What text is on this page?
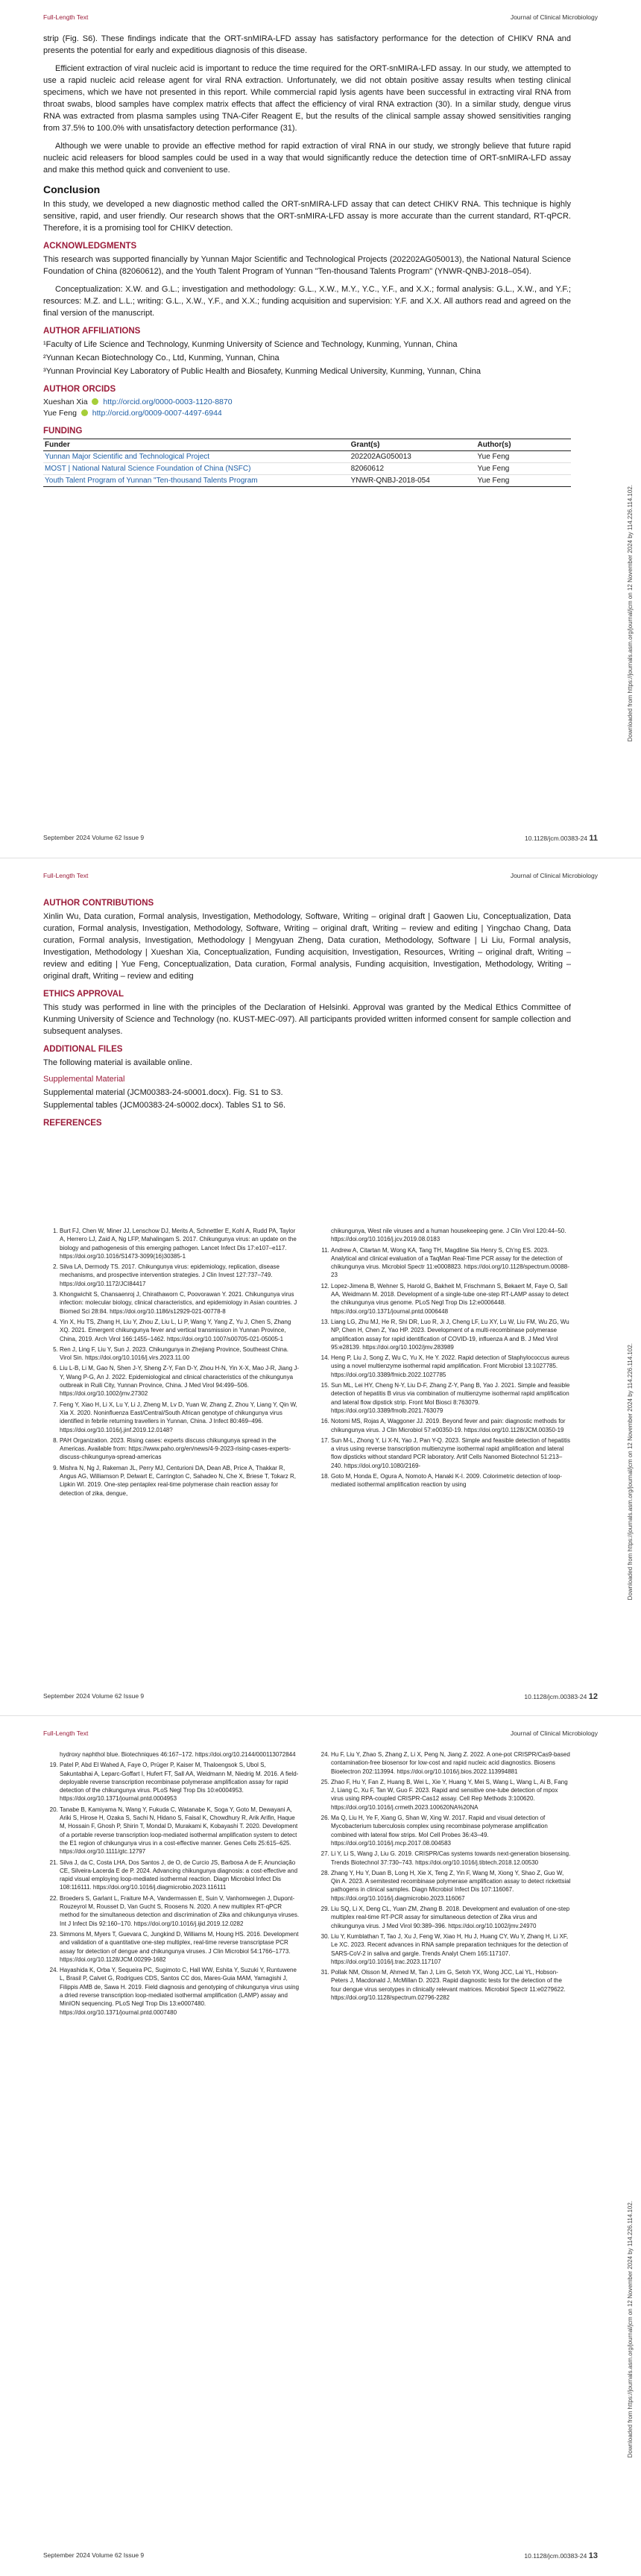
Full-Length Text	Journal of Clinical Microbiology

strip (Fig. S6). These findings indicate that the ORT-snMIRA-LFD assay has satisfactory performance for the detection of CHIKV RNA and presents the potential for early and expeditious diagnosis of this disease.

Efficient extraction of viral nucleic acid is important to reduce the time required for the ORT-snMIRA-LFD assay. In our study, we attempted to use a rapid nucleic acid release agent for viral RNA extraction. Unfortunately, we did not obtain positive assay results when testing clinical specimens, which we have not presented in this report. While commercial rapid lysis agents have been successful in extracting viral RNA from throat swabs, blood samples have complex matrix effects that affect the efficiency of viral RNA extraction (30). In a similar study, dengue virus RNA was extracted from plasma samples using TNA-Cifer Reagent E, but the results of the clinical sample assay showed sensitivities ranging from 37.5% to 100.0% with unsatisfactory detection performance (31).

Although we were unable to provide an effective method for rapid extraction of viral RNA in our study, we strongly believe that future rapid nucleic acid releasers for blood samples could be used in a way that would significantly reduce the detection time of ORT-snMIRA-LFD assay and make this method quick and convenient to use.

Conclusion

In this study, we developed a new diagnostic method called the ORT-snMIRA-LFD assay that can detect CHIKV RNA. This technique is highly sensitive, rapid, and user friendly. Our research shows that the ORT-snMIRA-LFD assay is more accurate than the current standard, RT-qPCR. Therefore, it is a promising tool for CHIKV detection.

ACKNOWLEDGMENTS

This research was supported financially by Yunnan Major Scientific and Technological Projects (202202AG050013), the National Natural Science Foundation of China (82060612), and the Youth Talent Program of Yunnan "Ten-thousand Talents Program" (YNWR-QNBJ-2018–054).

Conceptualization: X.W. and G.L.; investigation and methodology: G.L., X.W., M.Y., Y.C., Y.F., and X.X.; formal analysis: G.L., X.W., and Y.F.; resources: M.Z. and L.L.; writing: G.L., X.W., Y.F., and X.X.; funding acquisition and supervision: Y.F. and X.X. All authors read and agreed on the final version of the manuscript.

AUTHOR AFFILIATIONS
¹Faculty of Life Science and Technology, Kunming University of Science and Technology, Kunming, Yunnan, China
²Yunnan Kecan Biotechnology Co., Ltd, Kunming, Yunnan, China
³Yunnan Provincial Key Laboratory of Public Health and Biosafety, Kunming Medical University, Kunming, Yunnan, China
AUTHOR ORCIDS
Xueshan Xia http://orcid.org/0000-0003-1120-8870
Yue Feng http://orcid.org/0009-0007-4497-6944
FUNDING
Funder	Grant(s)	Author(s)
Yunnan Major Scientific and Technological Project	202202AG050013	Yue Feng
MOST | National Natural Science Foundation of China (NSFC)	82060612	Yue Feng
Youth Talent Program of Yunnan "Ten-thousand Talents Program	YNWR-QNBJ-2018-054	Yue Feng
September 2024 Volume 62 Issue 9	10.1128/jcm.00383-24 11
Downloaded from https://journals.asm.org/journal/jcm on 12 November 2024 by 114.226.114.102.
Full-Length Text	Journal of Clinical Microbiology
AUTHOR CONTRIBUTIONS

Xinlin Wu, Data curation, Formal analysis, Investigation, Methodology, Software, Writing – original draft | Gaowen Liu, Conceptualization, Data curation, Formal analysis, Investigation, Methodology, Software, Writing – original draft, Writing – review and editing | Yingchao Chang, Data curation, Formal analysis, Investigation, Methodology | Mengyuan Zheng, Data curation, Methodology, Software | Li Liu, Formal analysis, Investigation, Methodology | Xueshan Xia, Conceptualization, Funding acquisition, Investigation, Resources, Writing – original draft, Writing – review and editing | Yue Feng, Conceptualization, Data curation, Formal analysis, Funding acquisition, Investigation, Methodology, Writing – original draft, Writing – review and editing

ETHICS APPROVAL

This study was performed in line with the principles of the Declaration of Helsinki. Approval was granted by the Medical Ethics Committee of Kunming University of Science and Technology (no. KUST-MEC-097). All participants provided written informed consent for sample collection and subsequent analyses.

ADDITIONAL FILES

The following material is available online.

Supplemental Material
Supplemental material (JCM00383-24-s0001.docx). Fig. S1 to S3.
Supplemental tables (JCM00383-24-s0002.docx). Tables S1 to S6.
REFERENCES
1. Burt FJ, Chen W, Miner JJ, Lenschow DJ, Merits A, Schnettler E, Kohl A, Rudd PA, Taylor A, Herrero LJ, Zaid A, Ng LFP, Mahalingam S. 2017. Chikungunya virus: an update on the biology and pathogenesis of this emerging pathogen. Lancet Infect Dis 17:e107–e117. https://doi.org/10.1016/S1473-3099(16)30385-1
2. Silva LA, Dermody TS. 2017. Chikungunya virus: epidemiology, replication, disease mechanisms, and prospective intervention strategies. J Clin Invest 127:737–749. https://doi.org/10.1172/JCI84417
3. Khongwichit S, Chansaenroj J, Chirathaworn C, Poovorawan Y. 2021. Chikungunya virus infection: molecular biology, clinical characteristics, and epidemiology in Asian countries. J Biomed Sci 28:84. https://doi.org/10.1186/s12929-021-00778-8
4. Yin X, Hu TS, Zhang H, Liu Y, Zhou Z, Liu L, Li P, Wang Y, Yang Z, Yu J, Chen S, Zhang XQ. 2021. Emergent chikungunya fever and vertical transmission in Yunnan Province, China, 2019. Arch Virol 166:1455–1462. https://doi.org/10.1007/s00705-021-05005-1
5. Ren J, Ling F, Liu Y, Sun J. 2023. Chikungunya in Zhejiang Province, Southeast China. Virol Sin. https://doi.org/10.1016/j.virs.2023.11.00
6. Liu L-B, Li M, Gao N, Shen J-Y, Sheng Z-Y, Fan D-Y, Zhou H-N, Yin X-X, Mao J-R, Jiang J-Y, Wang P-G, An J. 2022. Epidemiological and clinical characteristics of the chikungunya outbreak in Ruili City, Yunnan Province, China. J Med Virol 94:499–506. https://doi.org/10.1002/jmv.27302
7. Feng Y, Xiao H, Li X, Lu Y, Li J, Zheng M, Lv D, Yuan W, Zhang Z, Zhou Y, Liang Y, Qin W, Xia X. 2020. Noninfluenza East/Central/South African genotype of chikungunya virus identified in febrile returning travellers in Yunnan, China. J Infect 80:469–496. https://doi.org/10.1016/j.jinf.2019.12.0148?
8. PAH Organization. 2023. Rising cases: experts discuss chikungunya spread in the Americas. Available from: https://www.paho.org/en/news/4-9-2023-rising-cases-experts-discuss-chikungunya-spread-americas
9. Mishra N, Ng J, Rakeman JL, Perry MJ, Centurioni DA, Dean AB, Price A, Thakkar R, Angus AG, Williamson P, Delwart E, Carrington C, Sahadeo N, Che X, Briese T, Tokarz R, Lipkin WI. 2019. One-step pentaplex real-time polymerase chain reaction assay for detection of zika, dengue,
chikungunya, West nile viruses and a human housekeeping gene. J Clin Virol 120:44–50. https://doi.org/10.1016/j.jcv.2019.08.0183
11. Andrew A, Citartan M, Wong KA, Tang TH, Magdline Sia Henry S, Ch'ng ES. 2023. Analytical and clinical evaluation of a TaqMan Real-Time PCR assay for the detection of chikungunya virus. Microbiol Spectr 11:e0008823. https://doi.org/10.1128/spectrum.00088-23
12. Lopez-Jimena B, Wehner S, Harold G, Bakheit M, Frischmann S, Bekaert M, Faye O, Sall AA, Weidmann M. 2018. Development of a single-tube one-step RT-LAMP assay to detect the chikungunya virus genome. PLoS Negl Trop Dis 12:e0006448. https://doi.org/10.1371/journal.pntd.0006448
13. Liang LG, Zhu MJ, He R, Shi DR, Luo R, Ji J, Cheng LF, Lu XY, Lu W, Liu FM, Wu ZG, Wu NP, Chen H, Chen Z, Yao HP. 2023. Development of a multi-recombinase polymerase amplification assay for rapid identification of COVID-19, influenza A and B. J Med Virol 95:e28139. https://doi.org/10.1002/jmv.283989
14. Heng P, Liu J, Song Z, Wu C, Yu X, He Y. 2022. Rapid detection of Staphylococcus aureus using a novel multienzyme isothermal rapid amplification. Front Microbiol 13:1027785. https://doi.org/10.3389/fmicb.2022.1027785
15. Sun ML, Lei HY, Cheng N-Y, Liu D-F, Zhang Z-Y, Pang B, Yao J. 2021. Simple and feasible detection of hepatitis B virus via combination of multienzyme isothermal rapid amplification and lateral flow dipstick strip. Front Mol Biosci 8:763079. https://doi.org/10.3389/fmolb.2021.763079
16. Notomi MS, Rojas A, Waggoner JJ. 2019. Beyond fever and pain: diagnostic methods for chikungunya virus. J Clin Microbiol 57:e00350-19. https://doi.org/10.1128/JCM.00350-19
17. Sun M-L, Zhong Y, Li X-N, Yao J, Pan Y-Q. 2023. Simple and feasible detection of hepatitis a virus using reverse transcription multienzyme isothermal rapid amplification and lateral flow dipsticks without standard PCR laboratory. Artif Cells Nanomed Biotechnol 51:213–240. https://doi.org/10.1080/2169-
18. Goto M, Honda E, Ogura A, Nomoto A, Hanaki K-I. 2009. Colorimetric detection of loop-mediated isothermal amplification reaction by using
September 2024 Volume 62 Issue 9	10.1128/jcm.00383-24 12
Downloaded from https://journals.asm.org/journal/jcm on 12 November 2024 by 114.226.114.102.
Full-Length Text	Journal of Clinical Microbiology
hydroxy naphthol blue. Biotechniques 46:167–172. https://doi.org/10.2144/000113072844
19. Patel P, Abd El Wahed A, Faye O, Prüger P, Kaiser M, Thaloengsok S, Ubol S, Sakuntabhai A, Leparc-Goffart I, Hufert FT, Sall AA, Weidmann M, Niedrig M. 2016. A field-deployable reverse transcription recombinase polymerase amplification assay for rapid detection of the chikungunya virus. PLoS Negl Trop Dis 10:e0004953. https://doi.org/10.1371/journal.pntd.0004953
20. Tanabe B, Kamiyama N, Wang Y, Fukuda C, Watanabe K, Soga Y, Goto M, Dewayani A, Ariki S, Hirose H, Ozaka S, Sachi N, Hidano S, Faisal K, Chowdhury R, Arik Arifin, Haque M, Hossain F, Ghosh P, Shirin T, Mondal D, Murakami K, Kobayashi T. 2020. Development of a portable reverse transcription loop-mediated isothermal amplification system to detect the E1 region of chikungunya virus in a cost-effective manner. Genes Cells 25:615–625. https://doi.org/10.1111/gtc.12797
21. Silva J, da C, Costa LHA, Dos Santos J, de O, de Curcio JS, Barbosa A de F, Anunciação CE, Silveira-Lacerda E de P. 2024. Advancing chikungunya diagnosis: a cost-effective and rapid visual employing loop-mediated isothermal reaction. Diagn Microbiol Infect Dis 108:116111. https://doi.org/10.1016/j.diagmicrobio.2023.116111
22. Broeders S, Garlant L, Fraiture M-A, Vandermassen E, Suin V, Vanhomwegen J, Dupont-Rouzeyrol M, Rousset D, Van Gucht S, Roosens N. 2020. A new multiplex RT-qPCR method for the simultaneous detection and discrimination of Zika and chikungunya viruses. Int J Infect Dis 92:160–170. https://doi.org/10.1016/j.ijid.2019.12.0282
23. Simmons M, Myers T, Guevara C, Jungkind D, Williams M, Houng HS. 2016. Development and validation of a quantitative one-step multiplex, real-time reverse transcriptase PCR assay for detection of dengue and chikungunya viruses. J Clin Microbiol 54:1766–1773. https://doi.org/10.1128/JCM.00299-1682
24. Hayashida K, Orba Y, Sequeira PC, Sugimoto C, Hall WW, Eshita Y, Suzuki Y, Runtuwene L, Brasil P, Calvet G, Rodrigues CDS, Santos CC dos, Mares-Guia MAM, Yamagishi J, Filippis AMB de, Sawa H. 2019. Field diagnosis and genotyping of chikungunya virus using a dried reverse transcription loop-mediated isothermal amplification (LAMP) assay and MinION sequencing. PLoS Negl Trop Dis 13:e0007480. https://doi.org/10.1371/journal.pntd.0007480
24. Hu F, Liu Y, Zhao S, Zhang Z, Li X, Peng N, Jiang Z. 2022. A one-pot CRISPR/Cas9-based contamination-free biosensor for low-cost and rapid nucleic acid diagnostics. Biosens Bioelectron 202:113994. https://doi.org/10.1016/j.bios.2022.113994881
25. Zhao F, Hu Y, Fan Z, Huang B, Wei L, Xie Y, Huang Y, Mei S, Wang L, Wang L, Ai B, Fang J, Liang C, Xu F, Tan W, Guo F. 2023. Rapid and sensitive one-tube detection of mpox virus using RPA-coupled CRISPR-Cas12 assay. Cell Rep Methods 3:100620. https://doi.org/10.1016/j.crmeth.2023.100620NA%20NA
26. Ma Q, Liu H, Ye F, Xiang G, Shan W, Xing W. 2017. Rapid and visual detection of Mycobacterium tuberculosis complex using recombinase polymerase amplification combined with lateral flow strips. Mol Cell Probes 36:43–49. https://doi.org/10.1016/j.mcp.2017.08.004583
27. Li Y, Li S, Wang J, Liu G. 2019. CRISPR/Cas systems towards next-generation biosensing. Trends Biotechnol 37:730–743. https://doi.org/10.1016/j.tibtech.2018.12.00530
28. Zhang Y, Hu Y, Duan B, Long H, Xie X, Teng Z, Yin F, Wang M, Xiong Y, Shao Z, Guo W, Qin A. 2023. A semitested recombinase polymerase amplification assay to detect rickettsial pathogens in clinical samples. Diagn Microbiol Infect Dis 107:116067. https://doi.org/10.1016/j.diagmicrobio.2023.116067
29. Liu SQ, Li X, Deng CL, Yuan ZM, Zhang B. 2018. Development and evaluation of one-step multiplex real-time RT-PCR assay for simultaneous detection of Zika virus and chikungunya virus. J Med Virol 90:389–396. https://doi.org/10.1002/jmv.24970
30. Liu Y, Kumblathan T, Tao J, Xu J, Feng W, Xiao H, Hu J, Huang CY, Wu Y, Zhang H, Li XF, Le XC. 2023. Recent advances in RNA sample preparation techniques for the detection of SARS-CoV-2 in saliva and gargle. Trends Analyt Chem 165:117107. https://doi.org/10.1016/j.trac.2023.117107
31. Pollak NM, Olsson M, Ahmed M, Tan J, Lim G, Setoh YX, Wong JCC, Lai YL, Hobson-Peters J, Macdonald J, McMillan D. 2023. Rapid diagnostic tests for the detection of the four dengue virus serotypes in clinically relevant matrices. Microbiol Spectr 11:e0279622. https://doi.org/10.1128/spectrum.02796-2282
September 2024 Volume 62 Issue 9	10.1128/jcm.00383-24 13
Downloaded from https://journals.asm.org/journal/jcm on 12 November 2024 by 114.226.114.102.
